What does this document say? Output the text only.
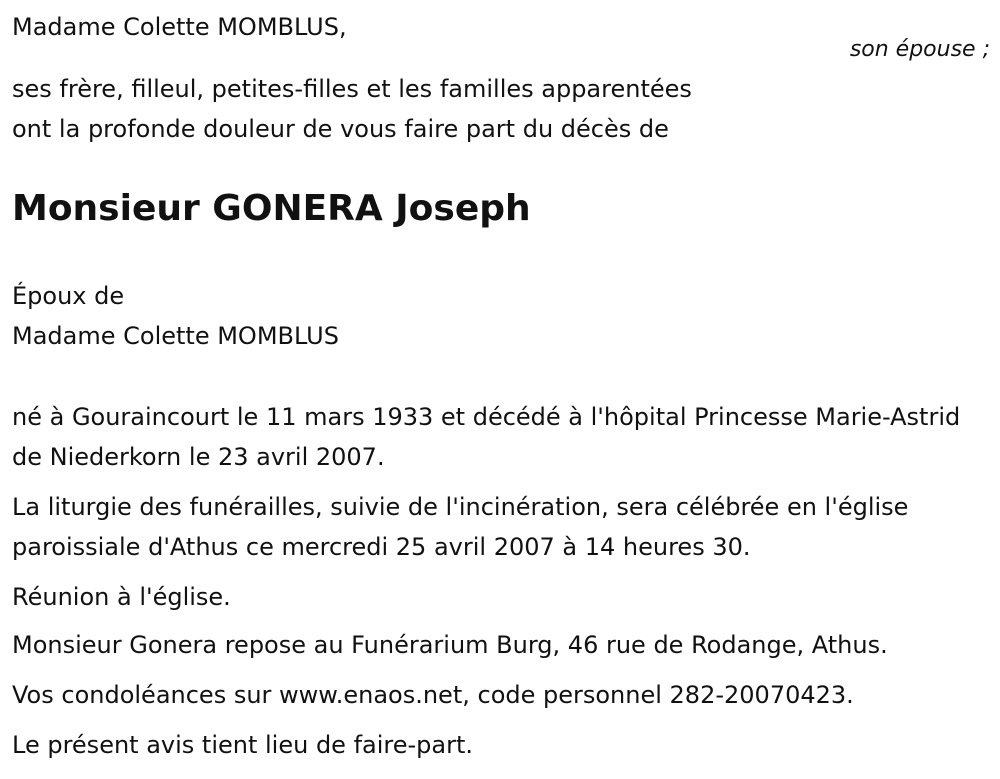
Madame Colette MOMBLUS,
son épouse ;
ses frère, filleul, petites-filles et les familles apparentées
ont la profonde douleur de vous faire part du décès de
Monsieur GONERA Joseph
Époux de
Madame Colette MOMBLUS
né à Gouraincourt le 11 mars 1933 et décédé à l'hôpital Princesse Marie-Astrid de Niederkorn le 23 avril 2007.
La liturgie des funérailles, suivie de l'incinération, sera célébrée en l'église paroissiale d'Athus ce mercredi 25 avril 2007 à 14 heures 30.
Réunion à l'église.
Monsieur Gonera repose au Funérarium Burg, 46 rue de Rodange, Athus.
Vos condoléances sur www.enaos.net, code personnel 282-20070423.
Le présent avis tient lieu de faire-part.
